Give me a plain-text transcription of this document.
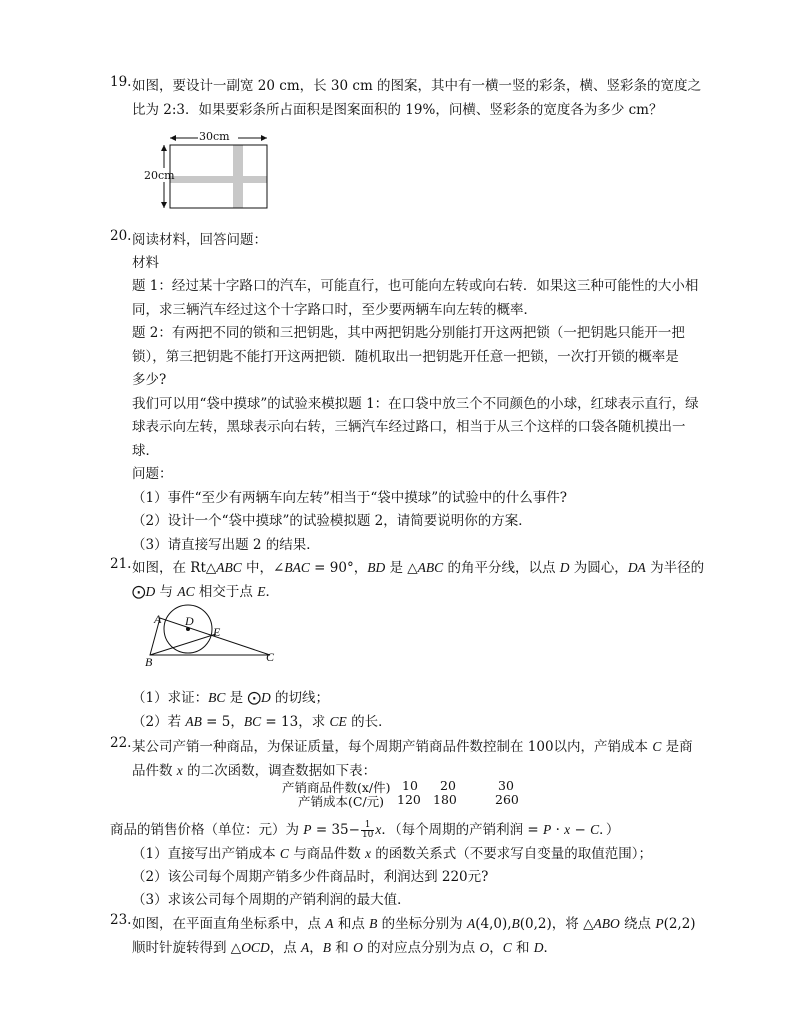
19. 如图，要设计一副宽 20 cm，长 30 cm 的图案，其中有一横一竖的彩条，横、竖彩条的宽度之
比为 2:3．如果要彩条所占面积是图案面积的 19%，问横、竖彩条的宽度各为多少 cm？
30cm
20cm
20. 阅读材料，回答问题：
材料
题 1：经过某十字路口的汽车，可能直行，也可能向左转或向右转．如果这三种可能性的大小相
同，求三辆汽车经过这个十字路口时，至少要两辆车向左转的概率．
题 2：有两把不同的锁和三把钥匙，其中两把钥匙分别能打开这两把锁（一把钥匙只能开一把
锁），第三把钥匙不能打开这两把锁．随机取出一把钥匙开任意一把锁，一次打开锁的概率是
多少?
我们可以用“袋中摸球”的试验来模拟题 1：在口袋中放三个不同颜色的小球，红球表示直行，绿
球表示向左转，黑球表示向右转，三辆汽车经过路口，相当于从三个这样的口袋各随机摸出一
球．
问题：
（1）事件“至少有两辆车向左转”相当于“袋中摸球”的试验中的什么事件?
（2）设计一个“袋中摸球”的试验模拟题 2，请简要说明你的方案．
（3）请直接写出题 2 的结果．
21. 如图，在 Rt△ABC 中，∠BAC = 90°，BD 是 △ABC 的角平分线，以点 D 为圆心，DA 为半径的
⨀D 与 AC 相交于点 E．
A
B	C
D
E
（1）求证：BC 是 ⨀D 的切线；
（2）若 AB = 5，BC = 13，求 CE 的长．
22. 某公司产销一种商品，为保证质量，每个周期产销商品件数控制在 100以内，产销成本 C 是商
品件数 x 的二次函数，调查数据如下表：
产销商品件数(x/件) 10 20	30
产销成本(C/元) 120 180	260
商品的销售价格（单位：元）为 $P = 35- \frac{1}{10}$ x．（每个周期的产销利润 = P · x − C．）
（1）直接写出产销成本 C 与商品件数 x 的函数关系式（不要求写自变量的取值范围）；
（2）该公司每个周期产销多少件商品时，利润达到 220元?
（3）求该公司每个周期的产销利润的最大值．
23. 如图，在平面直角坐标系中，点 A 和点 B 的坐标分别为 A(4,0),B(0,2)，将 △ABO 绕点 P(2,2)
顺时针旋转得到 △OCD，点 A，B 和 O 的对应点分别为点 O，C 和 D．
